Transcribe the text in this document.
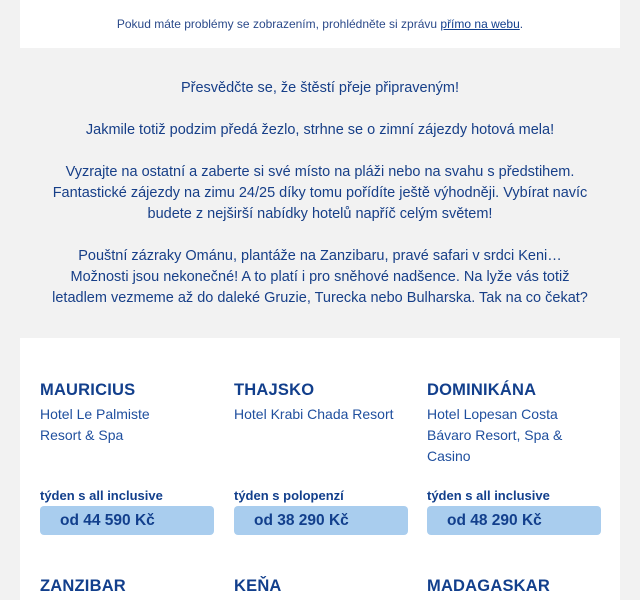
Pokud máte problémy se zobrazením, prohlédněte si zprávu přímo na webu.

Přesvědčte se, že štěstí přeje připraveným!

Jakmile totiž podzim předá žezlo, strhne se o zimní zájezdy hotová mela!

Vyzrajte na ostatní a zaberte si své místo na pláži nebo na svahu s předstihem. Fantastické zájezdy na zimu 24/25 díky tomu pořídíte ještě výhodněji. Vybírat navíc budete z nejširší nabídky hotelů napříč celým světem!

Pouštní zázraky Ománu, plantáže na Zanzibaru, pravé safari v srdci Keni… Možnosti jsou nekonečné! A to platí i pro sněhové nadšence. Na lyže vás totiž letadlem vezmeme až do daleké Gruzie, Turecka nebo Bulharska. Tak na co čekat?

MAURICIUS
Hotel Le Palmiste Resort & Spa
týden s all inclusive
od 44 590 Kč
THAJSKO
Hotel Krabi Chada Resort
týden s polopenzí
od 38 290 Kč
DOMINIKÁNA
Hotel Lopesan Costa Bávaro Resort, Spa & Casino
týden s all inclusive
od 48 290 Kč
ZANZIBAR	KEŇA	MADAGASKAR
